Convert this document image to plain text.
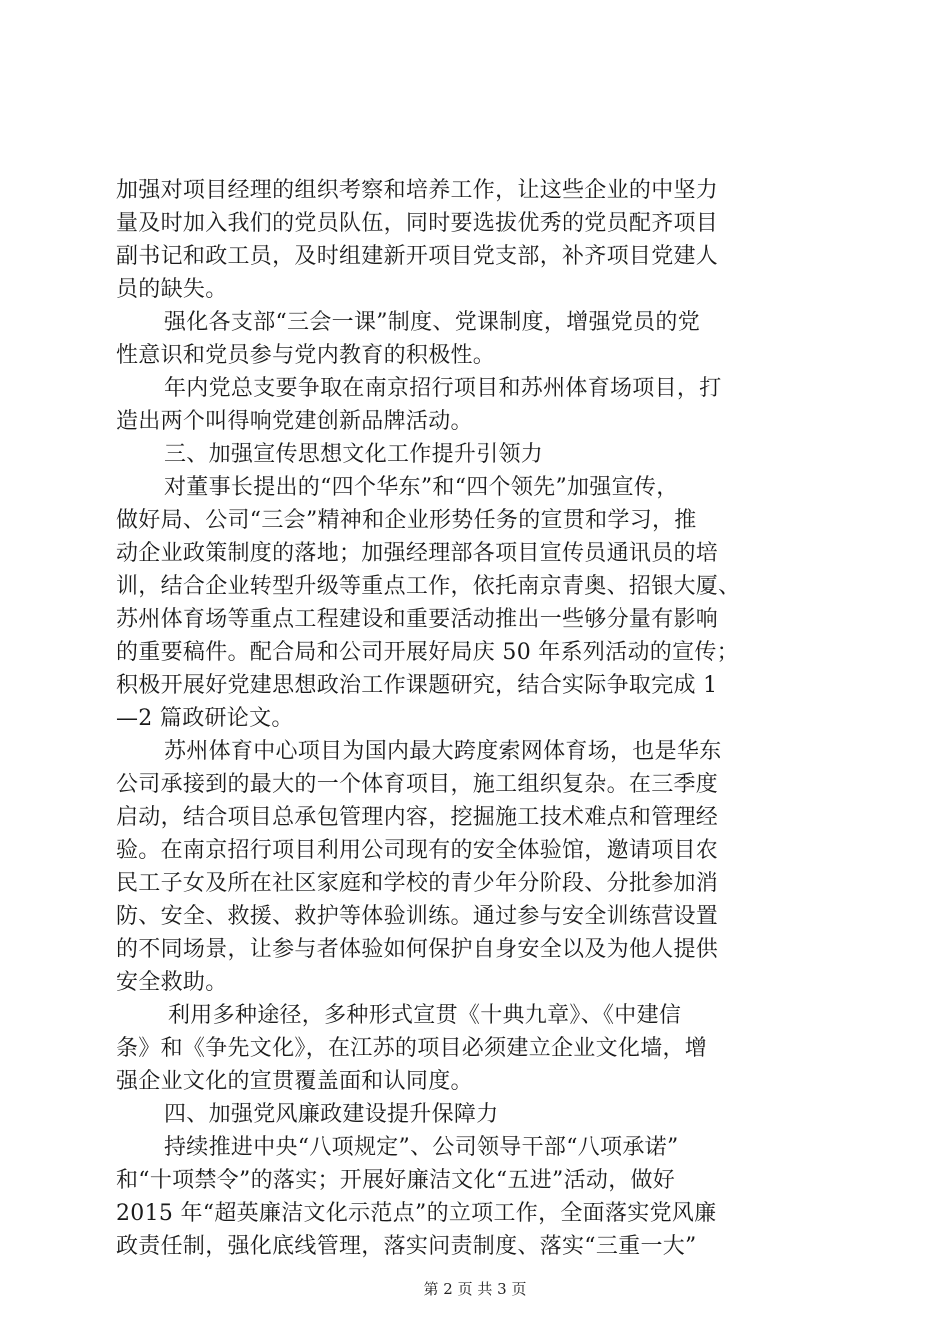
加强对项目经理的组织考察和培养工作，让这些企业的中坚力
量及时加入我们的党员队伍，同时要选拔优秀的党员配齐项目
副书记和政工员，及时组建新开项目党支部，补齐项目党建人
员的缺失。
强化各支部“三会一课”制度、党课制度，增强党员的党
性意识和党员参与党内教育的积极性。
年内党总支要争取在南京招行项目和苏州体育场项目，打
造出两个叫得响党建创新品牌活动。
三、加强宣传思想文化工作提升引领力
对董事长提出的“四个华东”和“四个领先”加强宣传，
做好局、公司“三会”精神和企业形势任务的宣贯和学习，推
动企业政策制度的落地；加强经理部各项目宣传员通讯员的培
训，结合企业转型升级等重点工作，依托南京青奥、招银大厦、
苏州体育场等重点工程建设和重要活动推出一些够分量有影响
的重要稿件。配合局和公司开展好局庆 50 年系列活动的宣传；
积极开展好党建思想政治工作课题研究，结合实际争取完成 1
—2 篇政研论文。
苏州体育中心项目为国内最大跨度索网体育场，也是华东
公司承接到的最大的一个体育项目，施工组织复杂。在三季度
启动，结合项目总承包管理内容，挖掘施工技术难点和管理经
验。在南京招行项目利用公司现有的安全体验馆，邀请项目农
民工子女及所在社区家庭和学校的青少年分阶段、分批参加消
防、安全、救援、救护等体验训练。通过参与安全训练营设置
的不同场景，让参与者体验如何保护自身安全以及为他人提供
安全救助。
利用多种途径，多种形式宣贯《十典九章》、《中建信
条》和《争先文化》，在江苏的项目必须建立企业文化墙，增
强企业文化的宣贯覆盖面和认同度。
四、加强党风廉政建设提升保障力
持续推进中央“八项规定”、公司领导干部“八项承诺”
和“十项禁令”的落实；开展好廉洁文化“五进”活动，做好
2015 年“超英廉洁文化示范点”的立项工作，全面落实党风廉
政责任制，强化底线管理，落实问责制度、落实“三重一大”
第 2 页 共 3 页
